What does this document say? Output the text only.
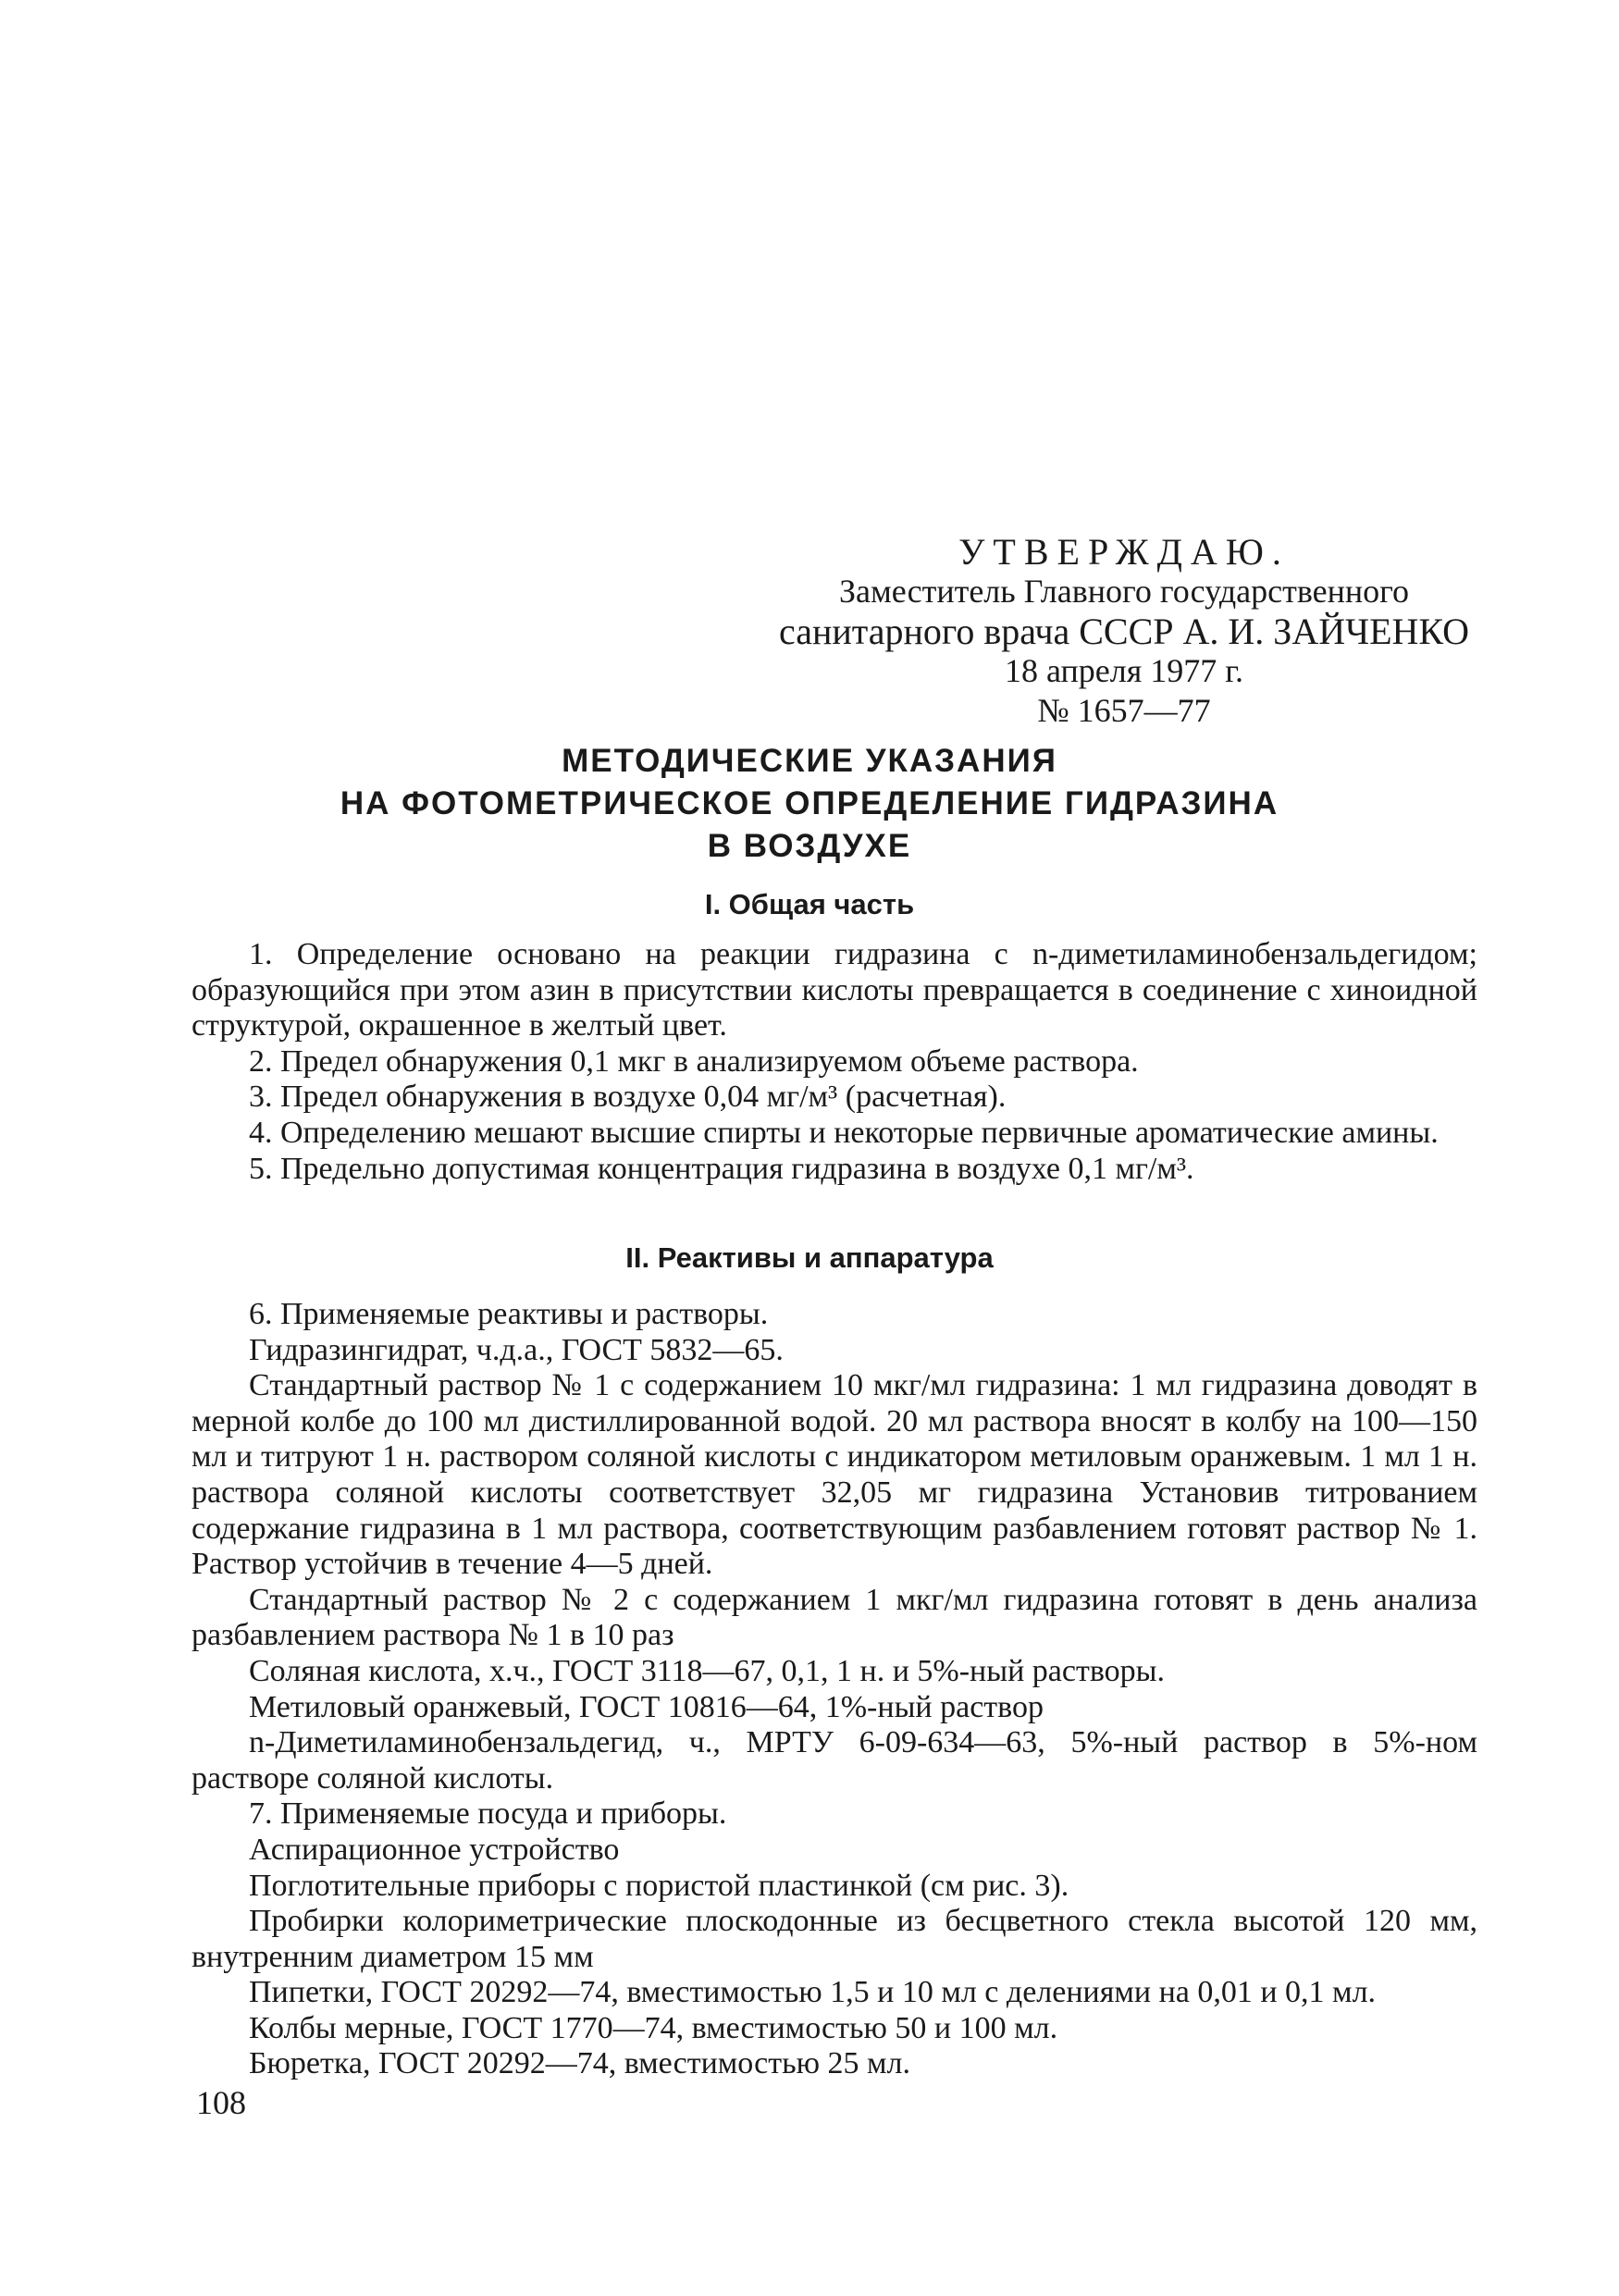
УТВЕРЖДАЮ.
Заместитель Главного государственного
санитарного врача СССР А. И. ЗАЙЧЕНКО
18 апреля 1977 г.
№ 1657—77
МЕТОДИЧЕСКИЕ УКАЗАНИЯ
НА ФОТОМЕТРИЧЕСКОЕ ОПРЕДЕЛЕНИЕ ГИДРАЗИНА
В ВОЗДУХЕ
I. Общая часть

1. Определение основано на реакции гидразина с n-диметиламинобензальдегидом; образующийся при этом азин в присутствии кислоты превращается в соединение с хиноидной структурой, окрашенное в желтый цвет.

2. Предел обнаружения 0,1 мкг в анализируемом объеме раствора.

3. Предел обнаружения в воздухе 0,04 мг/м³ (расчетная).

4. Определению мешают высшие спирты и некоторые первичные ароматические амины.

5. Предельно допустимая концентрация гидразина в воздухе 0,1 мг/м³.

II. Реактивы и аппаратура

6. Применяемые реактивы и растворы.

Гидразингидрат, ч.д.а., ГОСТ 5832—65.

Стандартный раствор № 1 с содержанием 10 мкг/мл гидразина: 1 мл гидразина доводят в мерной колбе до 100 мл дистиллированной водой. 20 мл раствора вносят в колбу на 100—150 мл и титруют 1 н. раствором соляной кислоты с индикатором метиловым оранжевым. 1 мл 1 н. раствора соляной кислоты соответствует 32,05 мг гидразина Установив титрованием содержание гидразина в 1 мл раствора, соответствующим разбавлением готовят раствор № 1. Раствор устойчив в течение 4—5 дней.

Стандартный раствор № 2 с содержанием 1 мкг/мл гидразина готовят в день анализа разбавлением раствора № 1 в 10 раз

Соляная кислота, х.ч., ГОСТ 3118—67, 0,1, 1 н. и 5%-ный растворы.

Метиловый оранжевый, ГОСТ 10816—64, 1%-ный раствор

n-Диметиламинобензальдегид, ч., МРТУ 6-09-634—63, 5%-ный раствор в 5%-ном растворе соляной кислоты.

7. Применяемые посуда и приборы.

Аспирационное устройство

Поглотительные приборы с пористой пластинкой (см рис. 3).

Пробирки колориметрические плоскодонные из бесцветного стекла высотой 120 мм, внутренним диаметром 15 мм

Пипетки, ГОСТ 20292—74, вместимостью 1,5 и 10 мл с делениями на 0,01 и 0,1 мл.

Колбы мерные, ГОСТ 1770—74, вместимостью 50 и 100 мл.

Бюретка, ГОСТ 20292—74, вместимостью 25 мл.

108
